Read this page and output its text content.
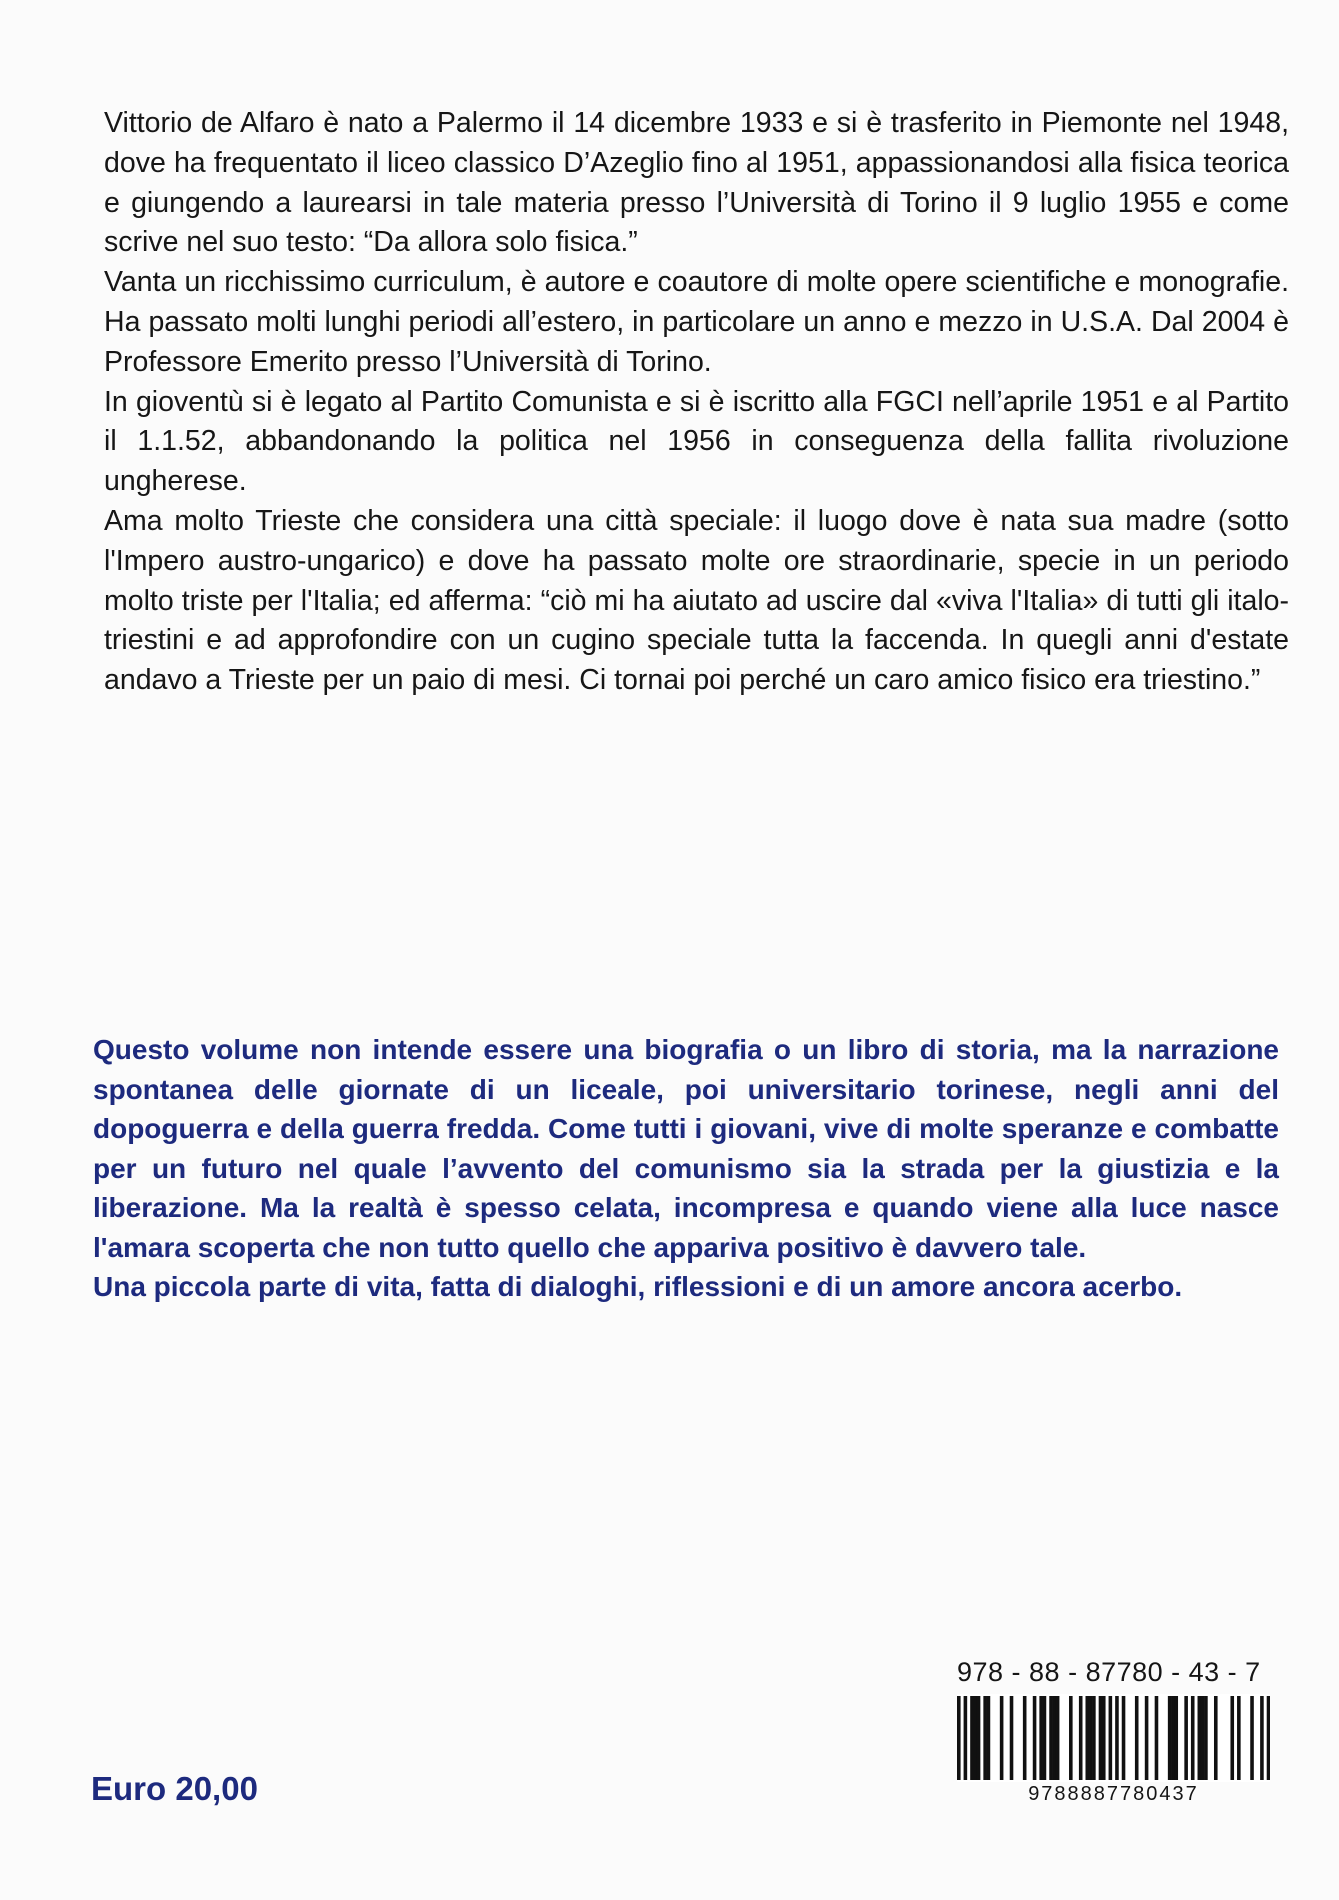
Vittorio de Alfaro è nato a Palermo il 14 dicembre 1933 e si è trasferito in Piemonte nel 1948, dove ha frequentato il liceo classico D’Azeglio fino al 1951, appassionandosi alla fisica teorica e giungendo a laurearsi in tale materia presso l’Università di Torino il 9 luglio 1955 e come scrive nel suo testo: “Da allora solo fisica.”

Vanta un ricchissimo curriculum, è autore e coautore di molte opere scientifiche e monografie. Ha passato molti lunghi periodi all’estero, in particolare un anno e mezzo in U.S.A. Dal 2004 è Professore Emerito presso l’Università di Torino.

In gioventù si è legato al Partito Comunista e si è iscritto alla FGCI nell’aprile 1951 e al Partito il 1.1.52, abbandonando la politica nel 1956 in conseguenza della fallita rivoluzione ungherese.

Ama molto Trieste che considera una città speciale: il luogo dove è nata sua madre (sotto l'Impero austro-ungarico) e dove ha passato molte ore straordinarie, specie in un periodo molto triste per l'Italia; ed afferma: “ciò mi ha aiutato ad uscire dal «viva l'Italia» di tutti gli italo-triestini e ad approfondire con un cugino speciale tutta la faccenda. In quegli anni d'estate andavo a Trieste per un paio di mesi. Ci tornai poi perché un caro amico fisico era triestino.”

Questo volume non intende essere una biografia o un libro di storia, ma la narrazione spontanea delle giornate di un liceale, poi universitario torinese, negli anni del dopoguerra e della guerra fredda. Come tutti i giovani, vive di molte speranze e combatte per un futuro nel quale l’avvento del comunismo sia la strada per la giustizia e la liberazione. Ma la realtà è spesso celata, incompresa e quando viene alla luce nasce l'amara scoperta che non tutto quello che appariva positivo è davvero tale.

Una piccola parte di vita, fatta di dialoghi, riflessioni e di un amore ancora acerbo.

978 - 88 - 87780 - 43 - 7
9788887780437
Euro 20,00
